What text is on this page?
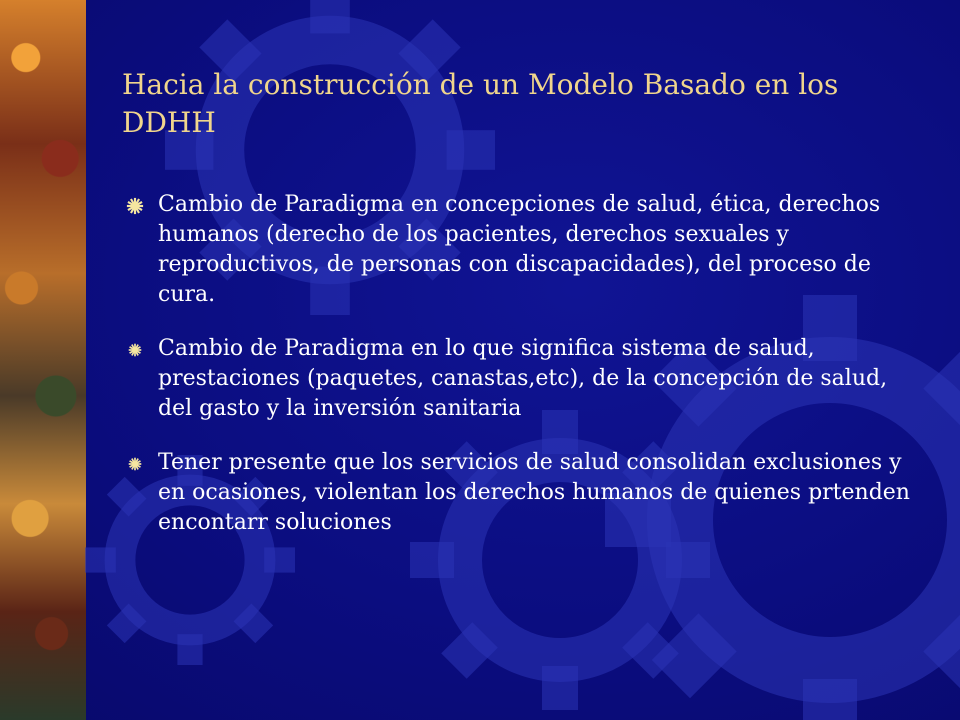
Hacia la construcción de un Modelo Basado en los DDHH
Cambio de Paradigma en concepciones de salud, ética, derechos humanos (derecho de los pacientes, derechos sexuales y reproductivos, de personas con discapacidades), del proceso de cura.
Cambio de Paradigma en lo que significa sistema de salud, prestaciones (paquetes, canastas,etc), de la concepción de salud, del gasto y la inversión sanitaria
Tener presente que los servicios de salud consolidan exclusiones y en ocasiones, violentan los derechos humanos de quienes prtenden encontarr soluciones
